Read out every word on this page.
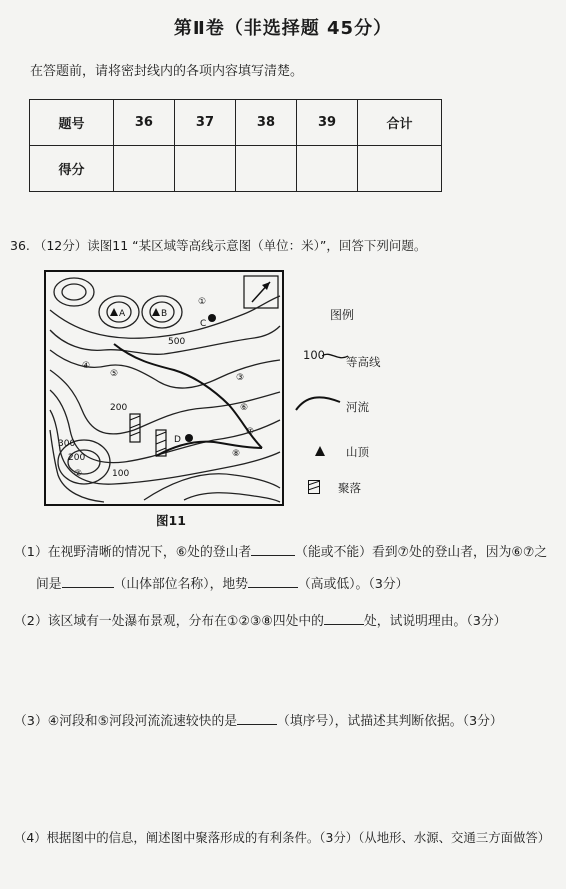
第Ⅱ卷（非选择题 45分）
在答题前，请将密封线内的各项内容填写清楚。
题号	36	37	38	39	合计
得分					
36. （12分）读图11 “某区域等高线示意图（单位：米）”，回答下列问题。
A	B
C
D
500
200
300
200
100
①
②
③
④
⑤
⑥
⑦
⑧
图例
100 等高线
河流
山顶
聚落
图11
（1）在视野清晰的情况下，⑥处的登山者	（能或不能）看到⑦处的登山者，因为⑥⑦之
间是	（山体部位名称），地势	（高或低）。（3分）
（2）该区域有一处瀑布景观，分布在①②③⑧四处中的	处，试说明理由。（3分）
（3）④河段和⑤河段河流流速较快的是	（填序号），试描述其判断依据。（3分）
（4）根据图中的信息，阐述图中聚落形成的有利条件。（3分）（从地形、水源、交通三方面做答）
